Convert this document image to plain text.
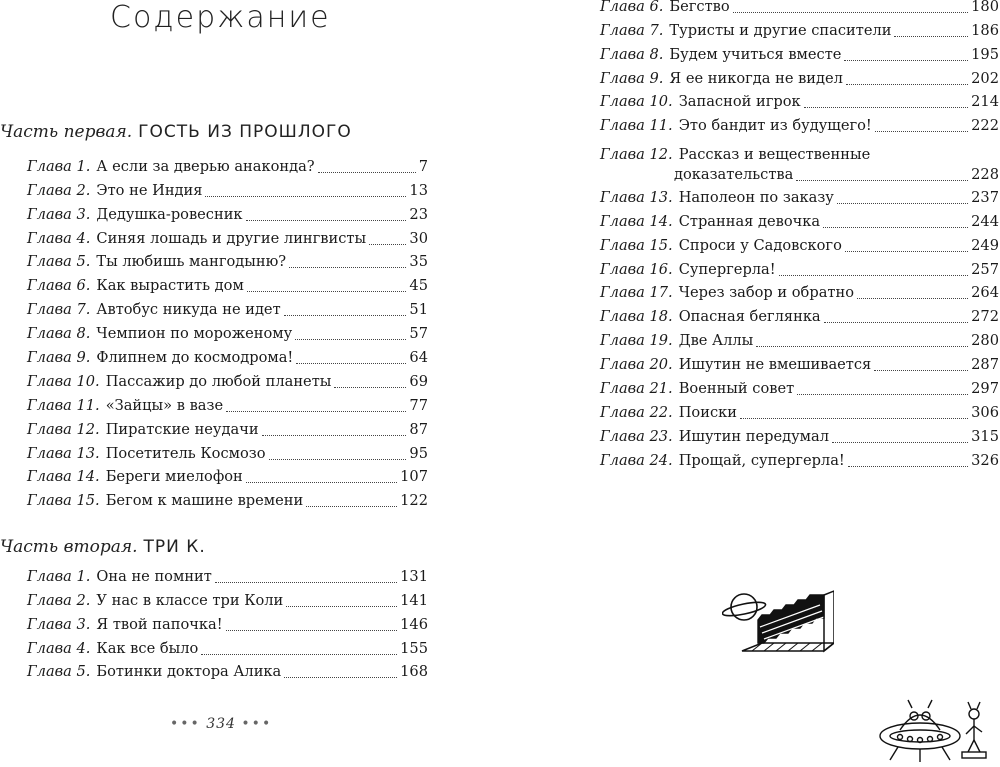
Содержание
Часть первая. ГОСТЬ ИЗ ПРОШЛОГО
Глава 1. А если за дверью анаконда?	7
Глава 2. Это не Индия	13
Глава 3. Дедушка-ровесник	23
Глава 4. Синяя лошадь и другие лингвисты	30
Глава 5. Ты любишь мангодыню?	35
Глава 6. Как вырастить дом	45
Глава 7. Автобус никуда не идет	51
Глава 8. Чемпион по мороженому	57
Глава 9. Флипнем до космодрома!	64
Глава 10. Пассажир до любой планеты	69
Глава 11. «Зайцы» в вазе	77
Глава 12. Пиратские неудачи	87
Глава 13. Посетитель Космозо	95
Глава 14. Береги миелофон	107
Глава 15. Бегом к машине времени	122
Часть вторая. ТРИ К.
Глава 1. Она не помнит	131
Глава 2. У нас в классе три Коли	141
Глава 3. Я твой папочка!	146
Глава 4. Как все было	155
Глава 5. Ботинки доктора Алика	168
Глава 6. Бегство	180
Глава 7. Туристы и другие спасители	186
Глава 8. Будем учиться вместе	195
Глава 9. Я ее никогда не видел	202
Глава 10. Запасной игрок	214
Глава 11. Это бандит из будущего!	222
Глава 12. Рассказ и вещественные
доказательства	228
Глава 13. Наполеон по заказу	237
Глава 14. Странная девочка	244
Глава 15. Спроси у Садовского	249
Глава 16. Супергерла!	257
Глава 17. Через забор и обратно	264
Глава 18. Опасная беглянка	272
Глава 19. Две Аллы	280
Глава 20. Ишутин не вмешивается	287
Глава 21. Военный совет	297
Глава 22. Поиски	306
Глава 23. Ишутин передумал	315
Глава 24. Прощай, супергерла!	326
••• 334 •••
